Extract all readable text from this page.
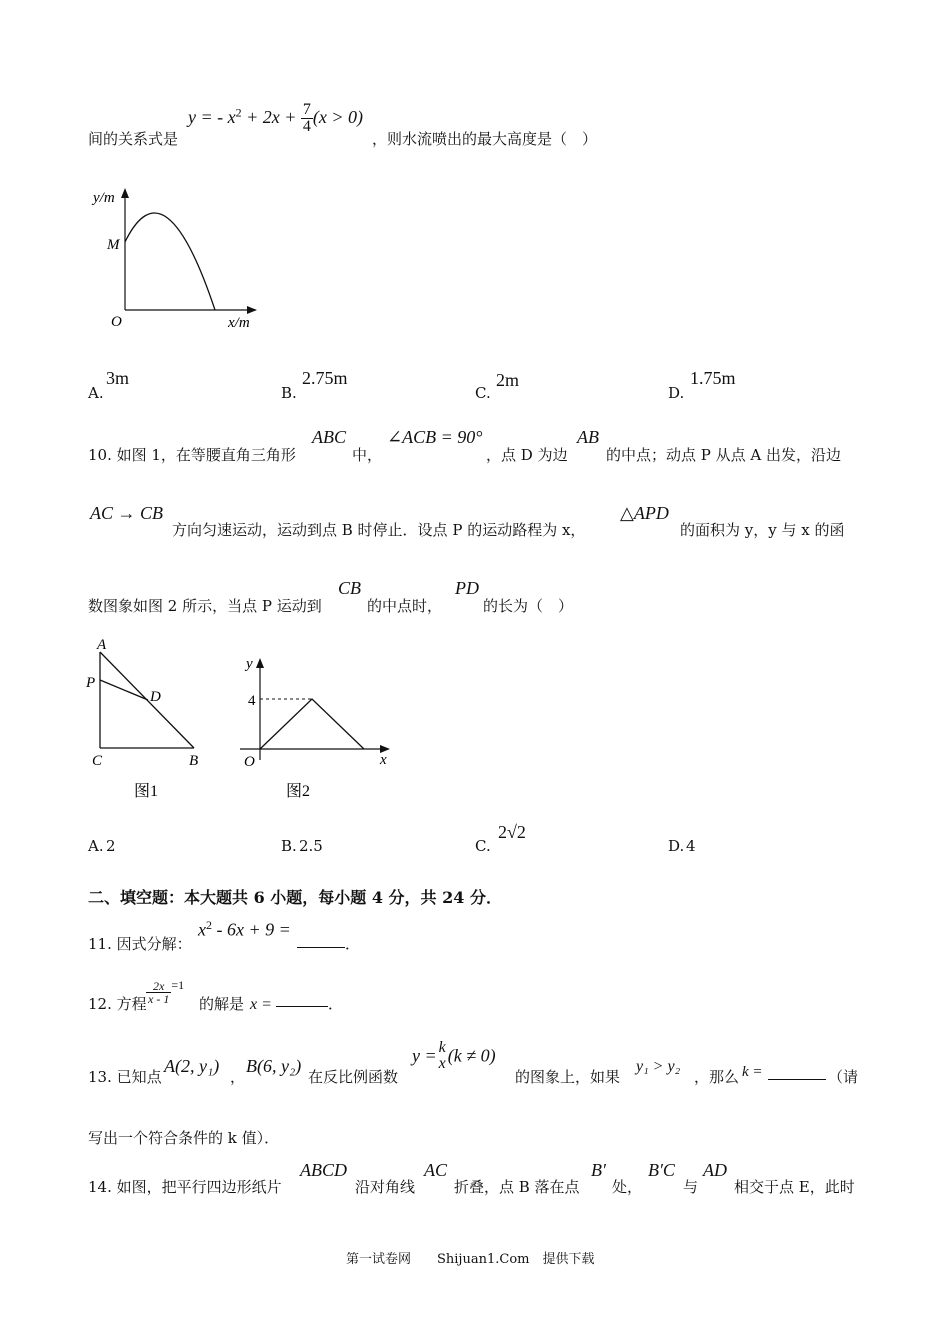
间的关系式是
y = - $x^2 + 2x + \frac{7}{4} (x > 0)$
，则水流喷出的最大高度是（　）
y/m
x/m
O
M
A.
3m
B.
2.75m
C.
2m
D.
1.75m
10. 如图 1，在等腰直角三角形
ABC
中，
∠ACB = 90°
，点 D 为边
AB
的中点；动点 P 从点 A 出发，沿边
AC → CB
方向匀速运动，运动到点 B 时停止．设点 P 的运动路程为 x，
△APD
的面积为 y，y 与 x 的函
数图象如图 2 所示，当点 P 运动到
CB
的中点时，
PD
的长为（　）
A
P
D
C	B
图1
y
4
O	x
图2
A. 2	B. 2.5	C.
2√2
D. 4
二、填空题：本大题共 6 小题，每小题 4 分，共 24 分．
11. 因式分解：
$x^2 - 6x + 9$ =
．
12. 方程 $\frac{2x}{x - 1} =1$
的解是 x =	．
13. 已知点
A(2, y₁)
，
B(6, y₂)
在反比例函数
y = k
x (k ≠ 0)
的图象上，如果
y₁ > y₂
，那么 k =	（请
写出一个符合条件的 k 值）．
14. 如图，把平行四边形纸片
ABCD
沿对角线
AC
折叠，点 B 落在点
B′
处，
B′C
与
AD
相交于点 E，此时
第一试卷网　　Shijuan1.Com　提供下载
